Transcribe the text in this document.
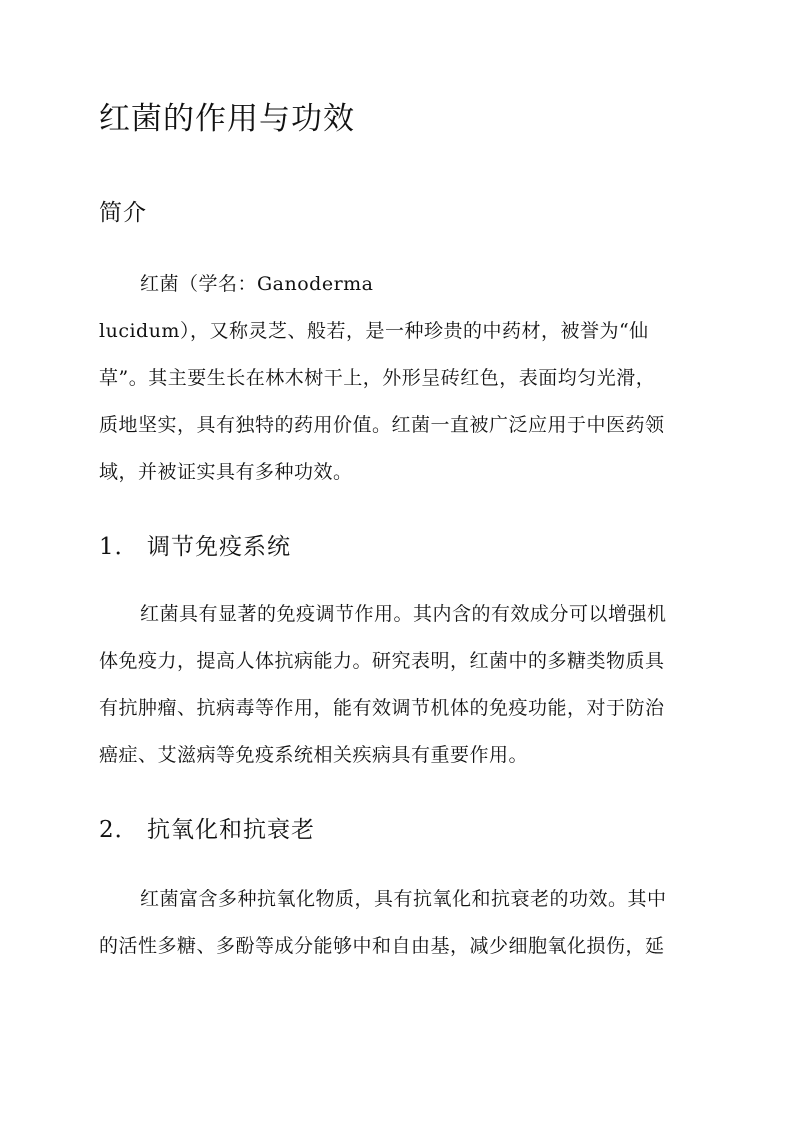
红菌的作用与功效
简介

红菌（学名：Ganoderma

lucidum），又称灵芝、般若，是一种珍贵的中药材，被誉为“仙

草”。其主要生长在林木树干上，外形呈砖红色，表面均匀光滑，

质地坚实，具有独特的药用价值。红菌一直被广泛应用于中医药领

域，并被证实具有多种功效。

1． 调节免疫系统

红菌具有显著的免疫调节作用。其内含的有效成分可以增强机

体免疫力，提高人体抗病能力。研究表明，红菌中的多糖类物质具

有抗肿瘤、抗病毒等作用，能有效调节机体的免疫功能，对于防治

癌症、艾滋病等免疫系统相关疾病具有重要作用。

2． 抗氧化和抗衰老

红菌富含多种抗氧化物质，具有抗氧化和抗衰老的功效。其中

的活性多糖、多酚等成分能够中和自由基，减少细胞氧化损伤，延
